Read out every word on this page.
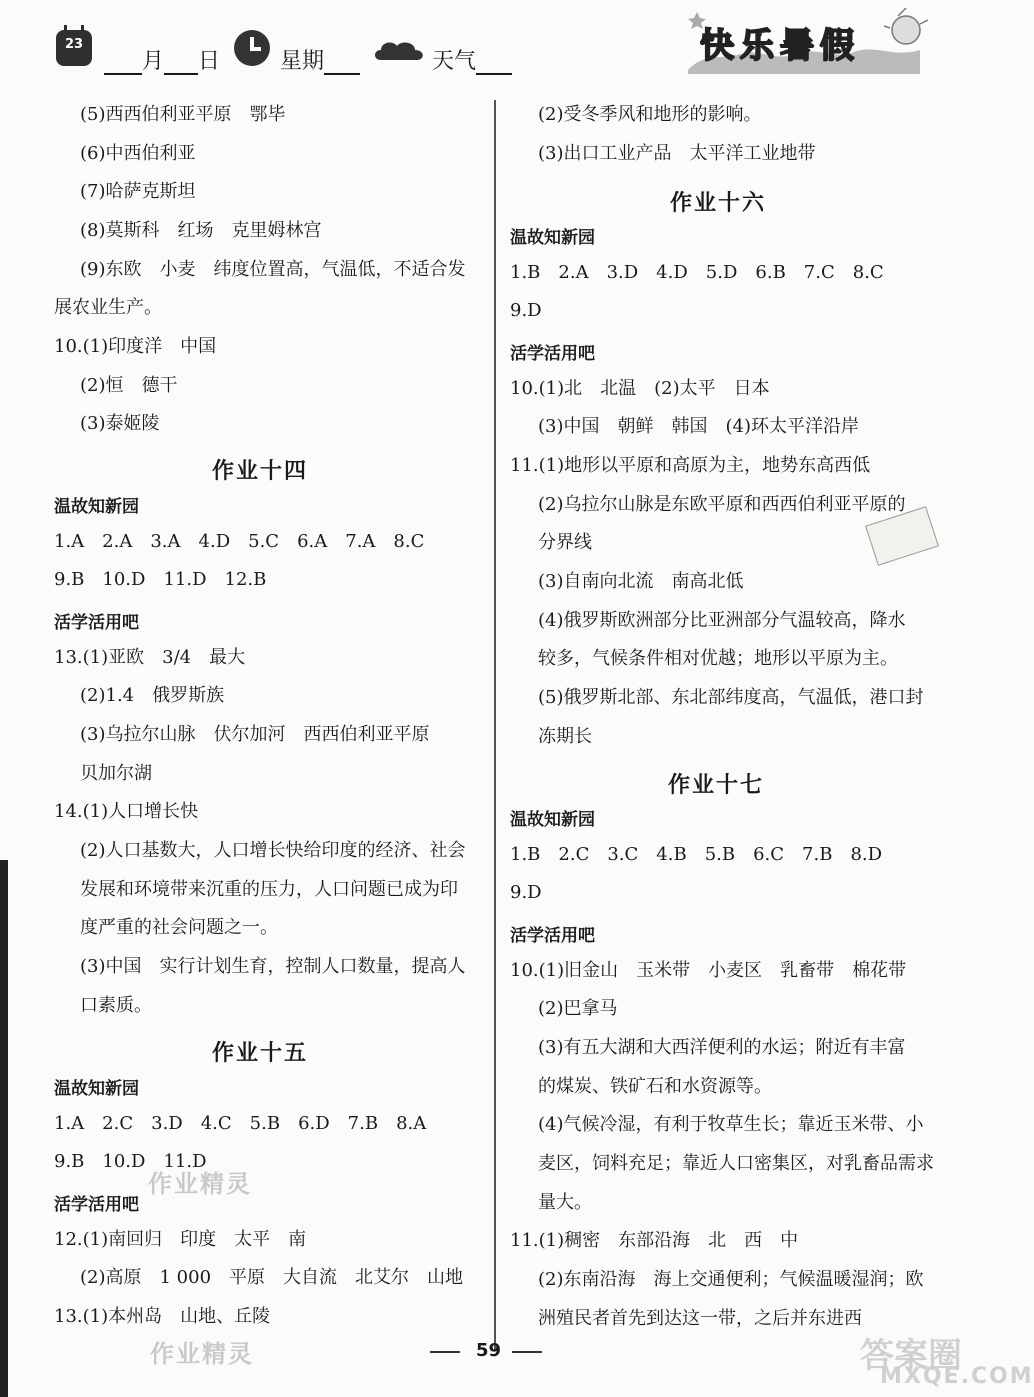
23
月 日	星期	天气	快乐暑假
(5)西西伯利亚平原　鄂毕
(6)中西伯利亚
(7)哈萨克斯坦
(8)莫斯科　红场　克里姆林宫
(9)东欧　小麦　纬度位置高，气温低，不适合发
展农业生产。
10.(1)印度洋　中国
(2)恒　德干
(3)泰姬陵
作业十四
温故知新园
1.A　2.A　3.A　4.D　5.C　6.A　7.A　8.C
9.B　10.D　11.D　12.B
活学活用吧
13.(1)亚欧　3/4　最大
(2)1.4　俄罗斯族
(3)乌拉尔山脉　伏尔加河　西西伯利亚平原
贝加尔湖
14.(1)人口增长快
(2)人口基数大，人口增长快给印度的经济、社会
发展和环境带来沉重的压力，人口问题已成为印
度严重的社会问题之一。
(3)中国　实行计划生育，控制人口数量，提高人
口素质。
作业十五
温故知新园
1.A　2.C　3.D　4.C　5.B　6.D　7.B　8.A
9.B　10.D　11.D
活学活用吧
12.(1)南回归　印度　太平　南
(2)高原　1 000　平原　大自流　北艾尔　山地
13.(1)本州岛　山地、丘陵
(2)受冬季风和地形的影响。
(3)出口工业产品　太平洋工业地带
作业十六
温故知新园
1.B　2.A　3.D　4.D　5.D　6.B　7.C　8.C
9.D
活学活用吧
10.(1)北　北温　(2)太平　日本
(3)中国　朝鲜　韩国　(4)环太平洋沿岸
11.(1)地形以平原和高原为主，地势东高西低
(2)乌拉尔山脉是东欧平原和西西伯利亚平原的
分界线
(3)自南向北流　南高北低
(4)俄罗斯欧洲部分比亚洲部分气温较高，降水
较多，气候条件相对优越；地形以平原为主。
(5)俄罗斯北部、东北部纬度高，气温低，港口封
冻期长
作业十七
温故知新园
1.B　2.C　3.C　4.B　5.B　6.C　7.B　8.D
9.D
活学活用吧
10.(1)旧金山　玉米带　小麦区　乳畜带　棉花带
(2)巴拿马
(3)有五大湖和大西洋便利的水运；附近有丰富
的煤炭、铁矿石和水资源等。
(4)气候冷湿，有利于牧草生长；靠近玉米带、小
麦区，饲料充足；靠近人口密集区，对乳畜品需求
量大。
11.(1)稠密　东部沿海　北　西　中
(2)东南沿海　海上交通便利；气候温暖湿润；欧
洲殖民者首先到达这一带，之后并东进西
作业精灵
作业精灵	答案圈
MXQE.COM
59
